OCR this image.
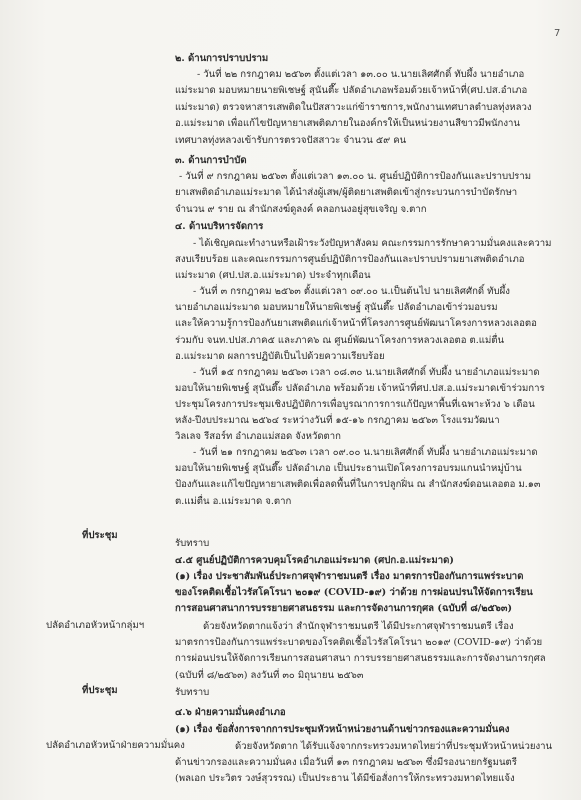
7
๒. ด้านการปราบปราม
- วันที่ ๒๒ กรกฎาคม ๒๕๖๓ ตั้งแต่เวลา ๑๓.๐๐ น.นายเลิศศักดิ์ ทับผึ้ง นายอำเภอ
แม่ระมาด มอบหมายนายพิเชษฐ์ สุนันตึ๊ะ ปลัดอำเภอพร้อมด้วยเจ้าหน้าที่(ศป.ปส.อำเภอ
แม่ระมาด) ตรวจหาสารเสพติดในปัสสาวะแก่ข้าราชการ,พนักงานเทศบาลตำบลทุ่งหลวง
อ.แม่ระมาด เพื่อแก้ไขปัญหายาเสพติดภายในองค์กรให้เป็นหน่วยงานสีขาวมีพนักงาน
เทศบาลทุ่งหลวงเข้ารับการตรวจปัสสาวะ จำนวน ๕๙ คน
๓. ด้านการบำบัด
- วันที่ ๙ กรกฎาคม ๒๕๖๓ ตั้งแต่เวลา ๑๓.๐๐ น. ศูนย์ปฏิบัติการป้องกันและปราบปราม
ยาเสพติดอำเภอแม่ระมาด ได้นำส่งผู้เสพ/ผู้ติดยาเสพติดเข้าสู่กระบวนการบำบัดรักษา
จำนวน ๙ ราย ณ สำนักสงฆ์ดูลงค์ คลอกนงอยู่สุขเจริญ จ.ตาก
๔. ด้านบริหารจัดการ
- ได้เชิญคณะทำงานหรือเฝ้าระวังปัญหาสังคม คณะกรรมการรักษาความมั่นคงและความ
สงบเรียบร้อย และคณะกรรมการศูนย์ปฏิบัติการป้องกันและปราบปรามยาเสพติดอำเภอ
แม่ระมาด (ศป.ปส.อ.แม่ระมาด) ประจำทุกเดือน
- วันที่ ๓ กรกฎาคม ๒๕๖๓ ตั้งแต่เวลา ๐๙.๐๐ น.เป็นต้นไป นายเลิศศักดิ์ ทับผึ้ง
นายอำเภอแม่ระมาด มอบหมายให้นายพิเชษฐ์ สุนันตึ๊ะ ปลัดอำเภอเข้าร่วมอบรม
และให้ความรู้การป้องกันยาเสพติดแก่เจ้าหน้าที่โครงการศูนย์พัฒนาโครงการหลวงเลอตอ
ร่วมกับ จนท.ปปส.ภาค๕ และภาค๖ ณ ศูนย์พัฒนาโครงการหลวงเลอตอ ต.แม่ตื่น
อ.แม่ระมาด ผลการปฏิบัติเป็นไปด้วยความเรียบร้อย
- วันที่ ๑๕ กรกฎาคม ๒๕๖๓ เวลา ๐๘.๓๐ น.นายเลิศศักดิ์ ทับผึ้ง นายอำเภอแม่ระมาด
มอบให้นายพิเชษฐ์ สุนันตึ๊ะ ปลัดอำเภอ พร้อมด้วย เจ้าหน้าที่ศป.ปส.อ.แม่ระมาดเข้าร่วมการ
ประชุมโครงการประชุมเชิงปฏิบัติการเพื่อบูรณาการการแก้ปัญหาพื้นที่เฉพาะห้วง ๖ เดือน
หลัง-ปีงบประมาณ ๒๕๖๔ ระหว่างวันที่ ๑๕-๑๖ กรกฎาคม ๒๕๖๓ โรงแรมวัฒนา
วิลเลจ รีสอร์ท อำเภอแม่สอด จังหวัดตาก
- วันที่ ๒๑ กรกฎาคม ๒๕๖๓ เวลา ๐๙.๐๐ น.นายเลิศศักดิ์ ทับผึ้ง นายอำเภอแม่ระมาด
มอบให้นายพิเชษฐ์ สุนันตึ๊ะ ปลัดอำเภอ เป็นประธานเปิดโครงการอบรมแกนนำหมู่บ้าน
ป้องกันและแก้ไขปัญหายาเสพติดเพื่อลดพื้นที่ในการปลูกฝิ่น ณ สำนักสงฆ์ดอนเลอตอ ม.๑๓
ต.แม่ตื่น อ.แม่ระมาด จ.ตาก
ที่ประชุม
รับทราบ
๔.๕ ศูนย์ปฏิบัติการควบคุมโรคอำเภอแม่ระมาด (ศปก.อ.แม่ระมาด)
(๑) เรื่อง ประชาสัมพันธ์ประกาศจุฬาราชมนตรี เรื่อง มาตรการป้องกันการแพร่ระบาด
ของโรคติดเชื้อไวรัสโคโรนา ๒๐๑๙ (COVID-๑๙) ว่าด้วย การผ่อนปรนให้จัดการเรียน
การสอนศาสนาการบรรยายศาสนธรรม และการจัดงานการกุศล (ฉบับที่ ๘/๒๕๖๓)
ปลัดอำเภอหัวหน้ากลุ่มฯ	ด้วยจังหวัดตากแจ้งว่า สำนักจุฬาราชมนตรี ได้มีประกาศจุฬาราชมนตรี เรื่อง
มาตรการป้องกันการแพร่ระบาดของโรคติดเชื้อไวรัสโคโรนา ๒๐๑๙ (COVID-๑๙) ว่าด้วย
การผ่อนปรนให้จัดการเรียนการสอนศาสนา การบรรยายศาสนธรรมและการจัดงานการกุศล
(ฉบับที่ ๘/๒๕๖๓) ลงวันที่ ๓๐ มิถุนายน ๒๕๖๓
ที่ประชุม	รับทราบ
๔.๖ ฝ่ายความมั่นคงอำเภอ
(๑) เรื่อง ข้อสั่งการจากการประชุมหัวหน้าหน่วยงานด้านข่าวกรองและความมั่นคง
ปลัดอำเภอหัวหน้าฝ่ายความมั่นคง	ด้วยจังหวัดตาก ได้รับแจ้งจากกระทรวงมหาดไทยว่าที่ประชุมหัวหน้าหน่วยงาน
ด้านข่าวกรองและความมั่นคง เมื่อวันที่ ๑๓ กรกฎาคม ๒๕๖๓ ซึ่งมีรองนายกรัฐมนตรี
(พลเอก ประวิตร วงษ์สุวรรณ) เป็นประธาน ได้มีข้อสั่งการให้กระทรวงมหาดไทยแจ้ง
